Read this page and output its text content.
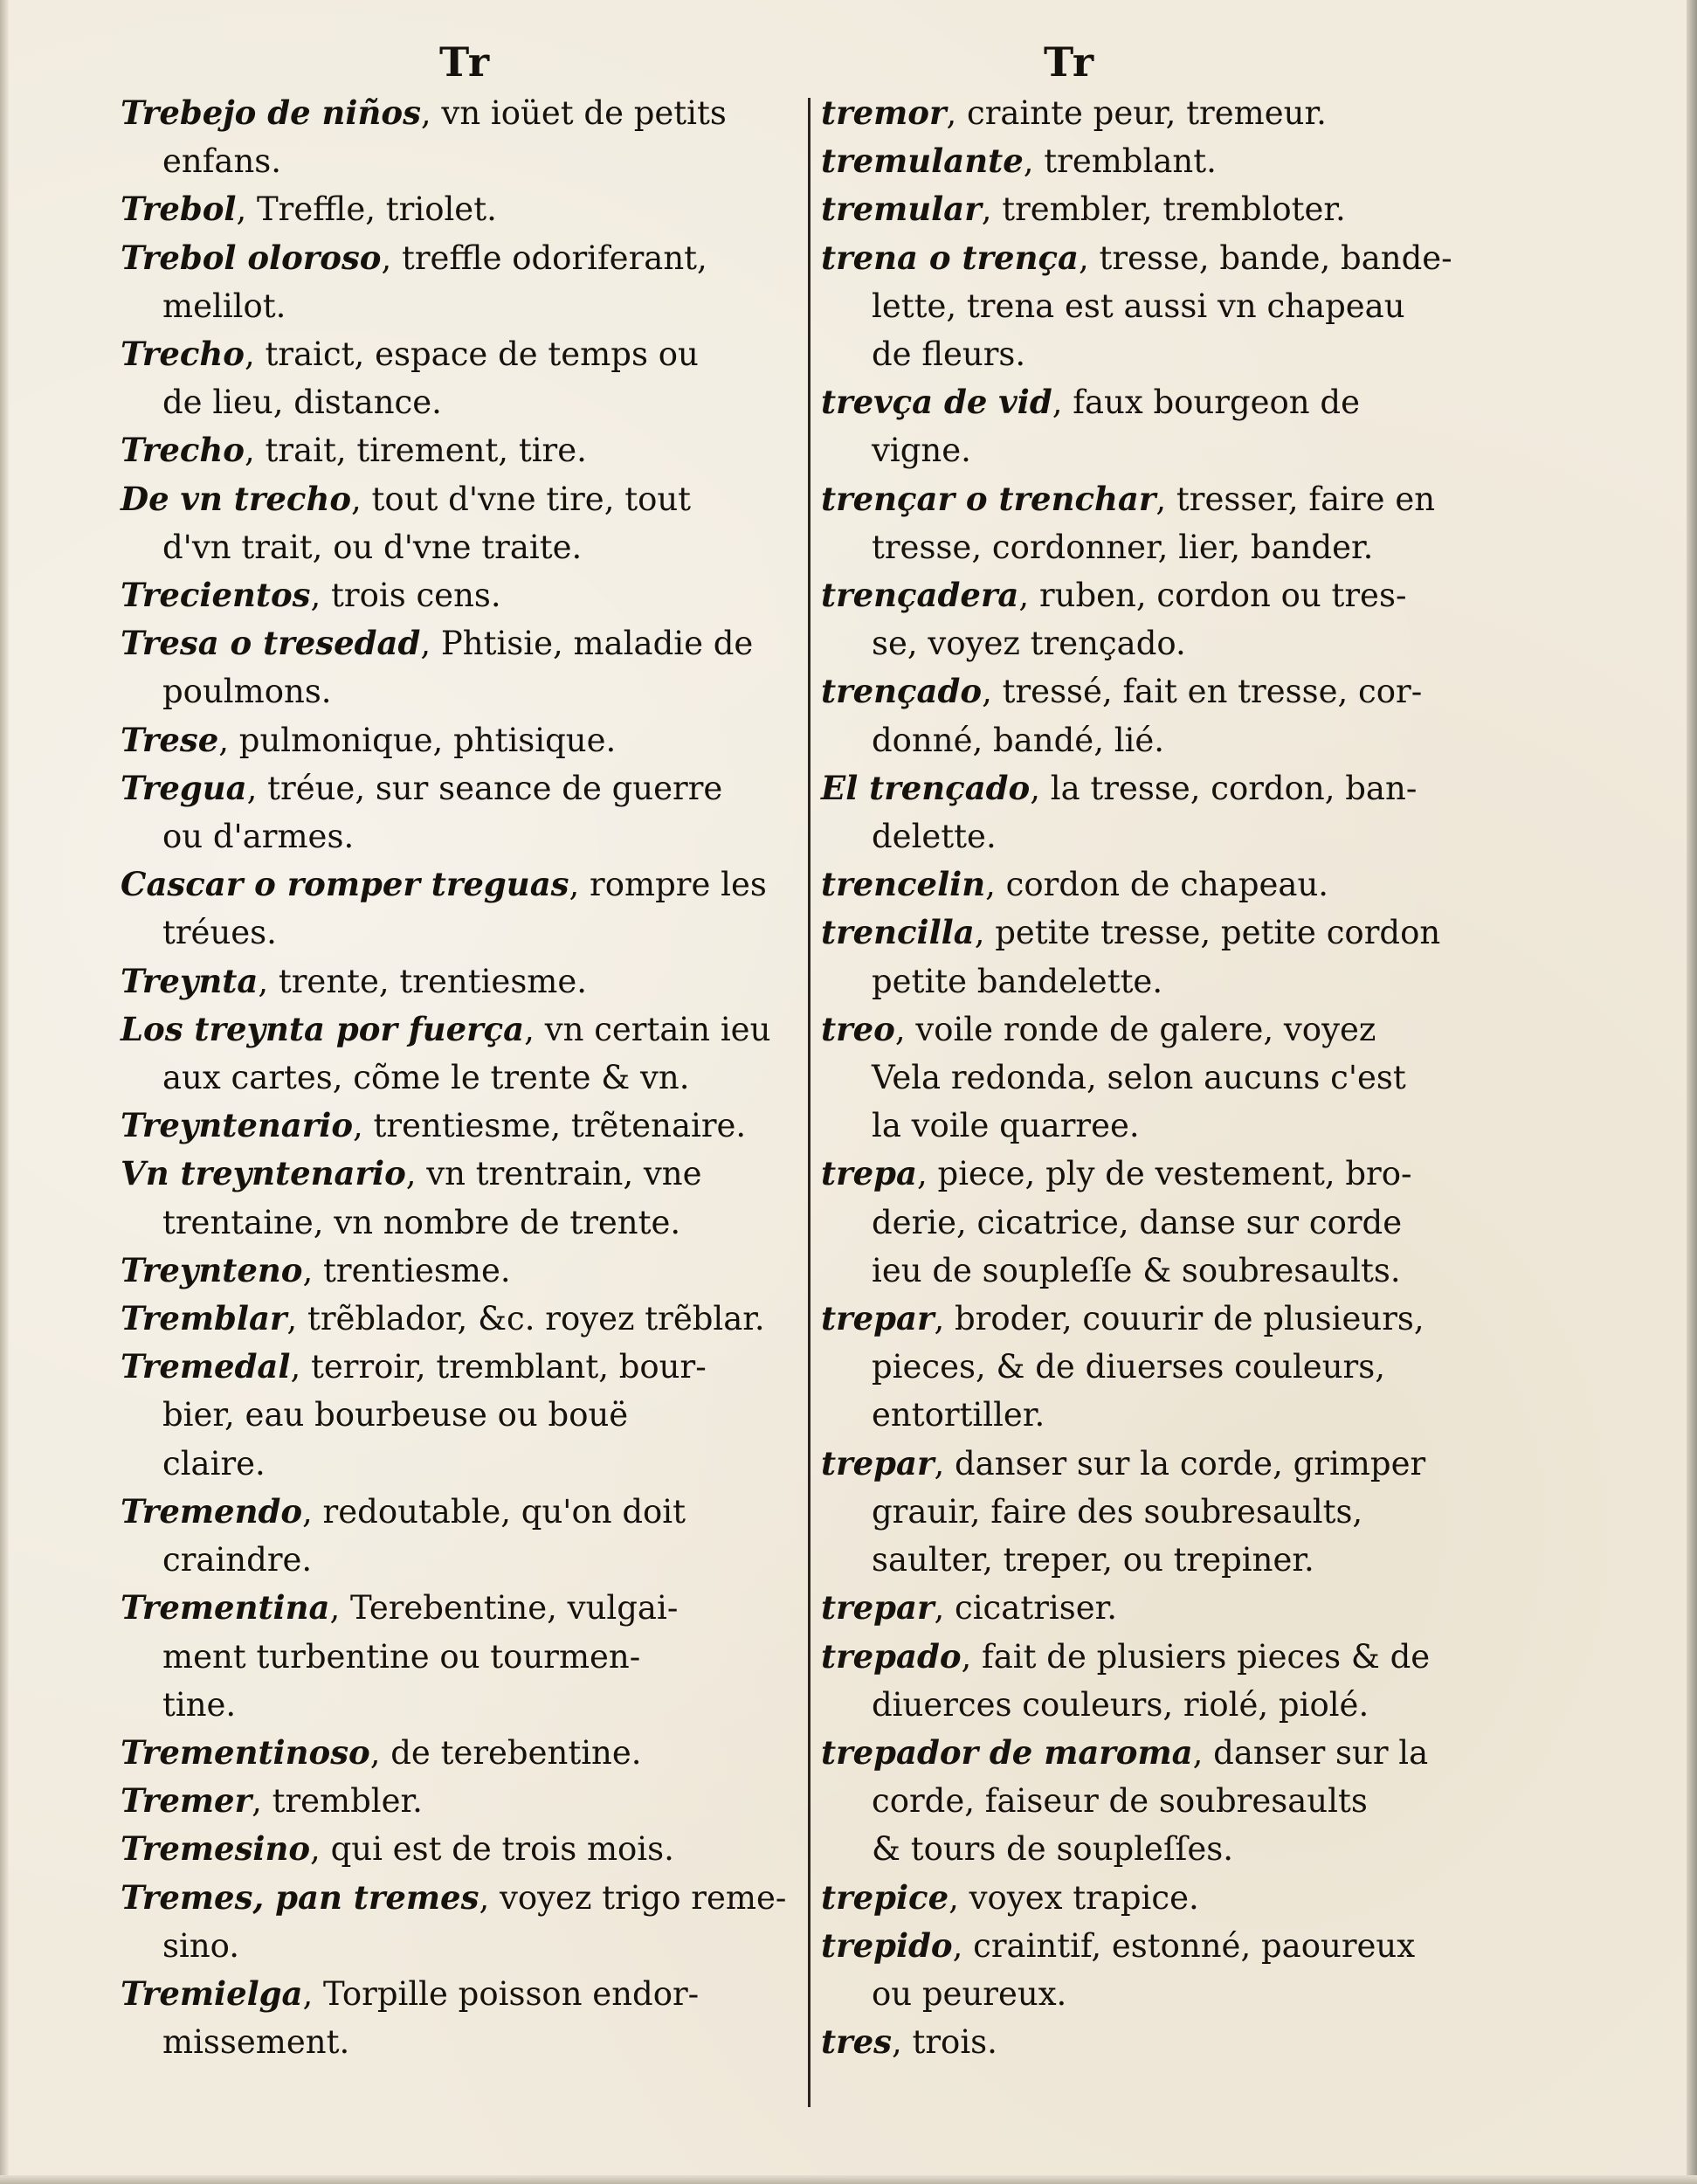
Tr
Trebejo de niños, vn ioüet de petits
enfans.
Trebol, Treffle, triolet.
Trebol oloroso, treffle odoriferant,
melilot.
Trecho, traict, espace de temps ou
de lieu, distance.
Trecho, trait, tirement, tire.
De vn trecho, tout d'vne tire, tout
d'vn trait, ou d'vne traite.
Trecientos, trois cens.
Tresa o tresedad, Phtisie, maladie de
poulmons.
Trese, pulmonique, phtisique.
Tregua, tréue, sur seance de guerre
ou d'armes.
Cascar o romper treguas, rompre les
tréues.
Treynta, trente, trentiesme.
Los treynta por fuerça, vn certain ieu
aux cartes, cõme le trente & vn.
Treyntenario, trentiesme, trẽtenaire.
Vn treyntenario, vn trentrain, vne
trentaine, vn nombre de trente.
Treynteno, trentiesme.
Tremblar, trẽblador, &c. royez trẽblar.
Tremedal, terroir, tremblant, bour-
bier, eau bourbeuse ou bouë
claire.
Tremendo, redoutable, qu'on doit
craindre.
Trementina, Terebentine, vulgai-
ment turbentine ou tourmen-
tine.
Trementinoso, de terebentine.
Tremer, trembler.
Tremesino, qui est de trois mois.
Tremes, pan tremes, voyez trigo reme-
sino.
Tremielga, Torpille poisson endor-
missement.
Tr
tremor, crainte peur, tremeur.
tremulante, tremblant.
tremular, trembler, trembloter.
trena o trença, tresse, bande, bande-
lette, trena est aussi vn chapeau
de fleurs.
trevça de vid, faux bourgeon de
vigne.
trençar o trenchar, tresser, faire en
tresse, cordonner, lier, bander.
trençadera, ruben, cordon ou tres-
se, voyez trençado.
trençado, tressé, fait en tresse, cor-
donné, bandé, lié.
El trençado, la tresse, cordon, ban-
delette.
trencelin, cordon de chapeau.
trencilla, petite tresse, petite cordon
petite bandelette.
treo, voile ronde de galere, voyez
Vela redonda, selon aucuns c'est
la voile quarree.
trepa, piece, ply de vestement, bro-
derie, cicatrice, danse sur corde
ieu de soupleſſe & soubresaults.
trepar, broder, couurir de plusieurs,
pieces, & de diuerses couleurs,
entortiller.
trepar, danser sur la corde, grimper
grauir, faire des soubresaults,
saulter, treper, ou trepiner.
trepar, cicatriser.
trepado, fait de plusiers pieces & de
diuerces couleurs, riolé, piolé.
trepador de maroma, danser sur la
corde, faiseur de soubresaults
& tours de soupleſſes.
trepice, voyex trapice.
trepido, craintif, estonné, paoureux
ou peureux.
tres, trois.
